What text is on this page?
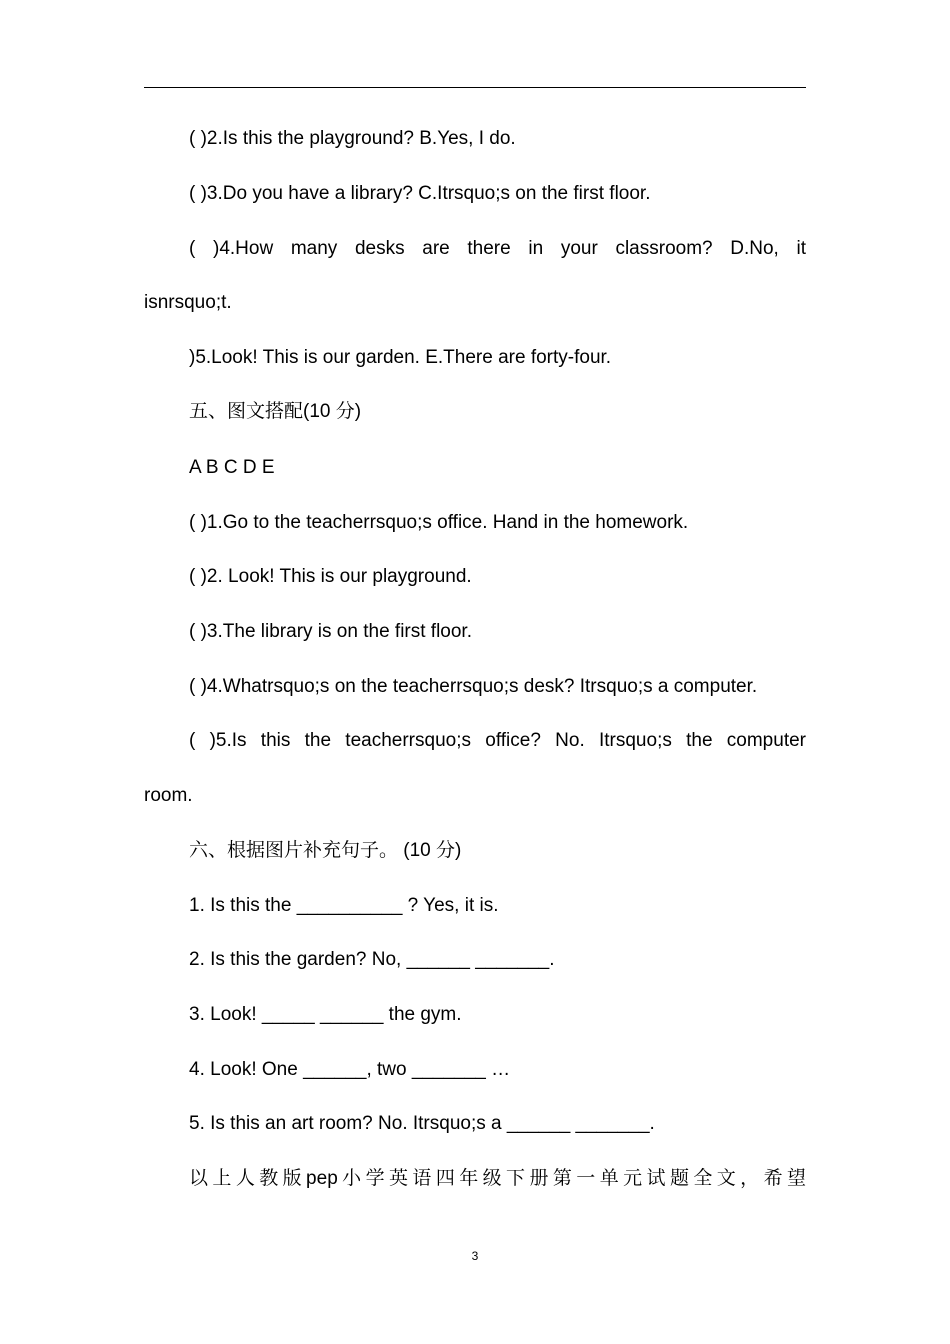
( )2.Is this the playground? B.Yes, I do.
( )3.Do you have a library? C.Itrsquo;s on the first floor.
( )4.How many desks are there in your classroom? D.No, it
isnrsquo;t.
)5.Look! This is our garden. E.There are forty-four.
五、图文搭配(10 分)
A B C D E
( )1.Go to the teacherrsquo;s office. Hand in the homework.
( )2. Look! This is our playground.
( )3.The library is on the first floor.
( )4.Whatrsquo;s on the teacherrsquo;s desk? Itrsquo;s a computer.
( )5.Is this the teacherrsquo;s office? No. Itrsquo;s the computer
room.
六、根据图片补充句子。 (10 分)
1. Is this the __________ ? Yes, it is.
2. Is this the garden? No, ______ _______.
3. Look! _____ ______ the gym.
4. Look! One ______, two _______ …
5. Is this an art room? No. Itrsquo;s a ______ _______.
以上人教版pep小学英语四年级下册第一单元试题全文，希望
3
